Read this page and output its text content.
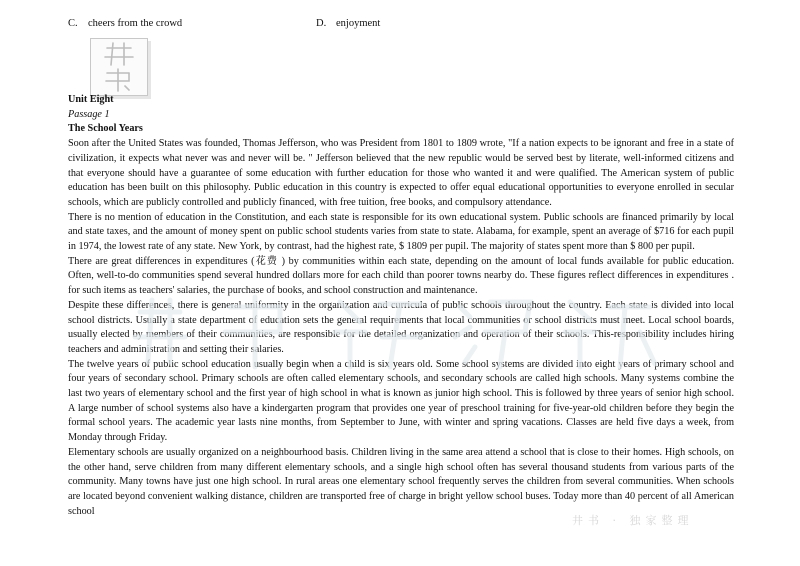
C. cheers from the crowd	D. enjoyment

Unit Eight

Passage 1

The School Years

Soon after the United States was founded, Thomas Jefferson, who was President from 1801 to 1809 wrote, "If a nation expects to be ignorant and free in a state of civilization, it expects what never was and never will be. " Jefferson believed that the new republic would be served best by literate, well-informed citizens and that everyone should have a guarantee of some education with further education for those who wanted it and were qualified. The American system of public education has been built on this philosophy. Public education in this country is expected to offer equal educational opportunities to everyone enrolled in secular schools, which are publicly controlled and publicly financed, with free tuition, free books, and compulsory attendance.

There is no mention of education in the Constitution, and each state is responsible for its own educational system. Public schools are financed primarily by local and state taxes, and the amount of money spent on public school students varies from state to state. Alabama, for example, spent an average of $716 for each pupil in 1974, the lowest rate of any state. New York, by contrast, had the highest rate, $ 1809 per pupil. The majority of states spent more than $ 800 per pupil.

There are great differences in expenditures (花费 ) by communities within each state, depending on the amount of local funds available for public education. Often, well-to-do communities spend several hundred dollars more for each child than poorer towns nearby do. These figures reflect differences in expenditures . for such items as teachers' salaries, the purchase of books, and school construction and maintenance.

Despite these differences, there is general uniformity in the organization and curricula of public schools throughout the country. Each state is divided into local school districts. Usually a state department of education sets the general requirements that local communities or school districts must meet. Local school boards, usually elected by members of their communities, are responsible for the detailed organization and operation of their schools. This-responsibility includes hiring teachers and administration and setting their salaries.

The twelve years of public school education usually begin when a child is six years old. Some school systems are divided into eight years of primary school and four years of secondary school. Primary schools are often called elementary schools, and secondary schools are called high schools. Many systems combine the last two years of elementary school and the first year of high school in what is known as junior high school. This is followed by three years of senior high school. A large number of school systems also have a kindergarten program that provides one year of preschool training for five-year-old children before they begin the formal school years. The academic year lasts nine months, from September to June, with winter and spring vacations. Classes are held five days a week, from Monday through Friday.

Elementary schools are usually organized on a neighbourhood basis. Children living in the same area attend a school that is close to their homes. High schools, on the other hand, serve children from many different elementary schools, and a single high school often has several thousand students from various parts of the community. Many towns have just one high school. In rural areas one elementary school frequently serves the children from several communities. When schools are located beyond convenient walking distance, children are transported free of charge in bright yellow school buses. Today more than 40 percent of all American school

井书 · 独家整理
